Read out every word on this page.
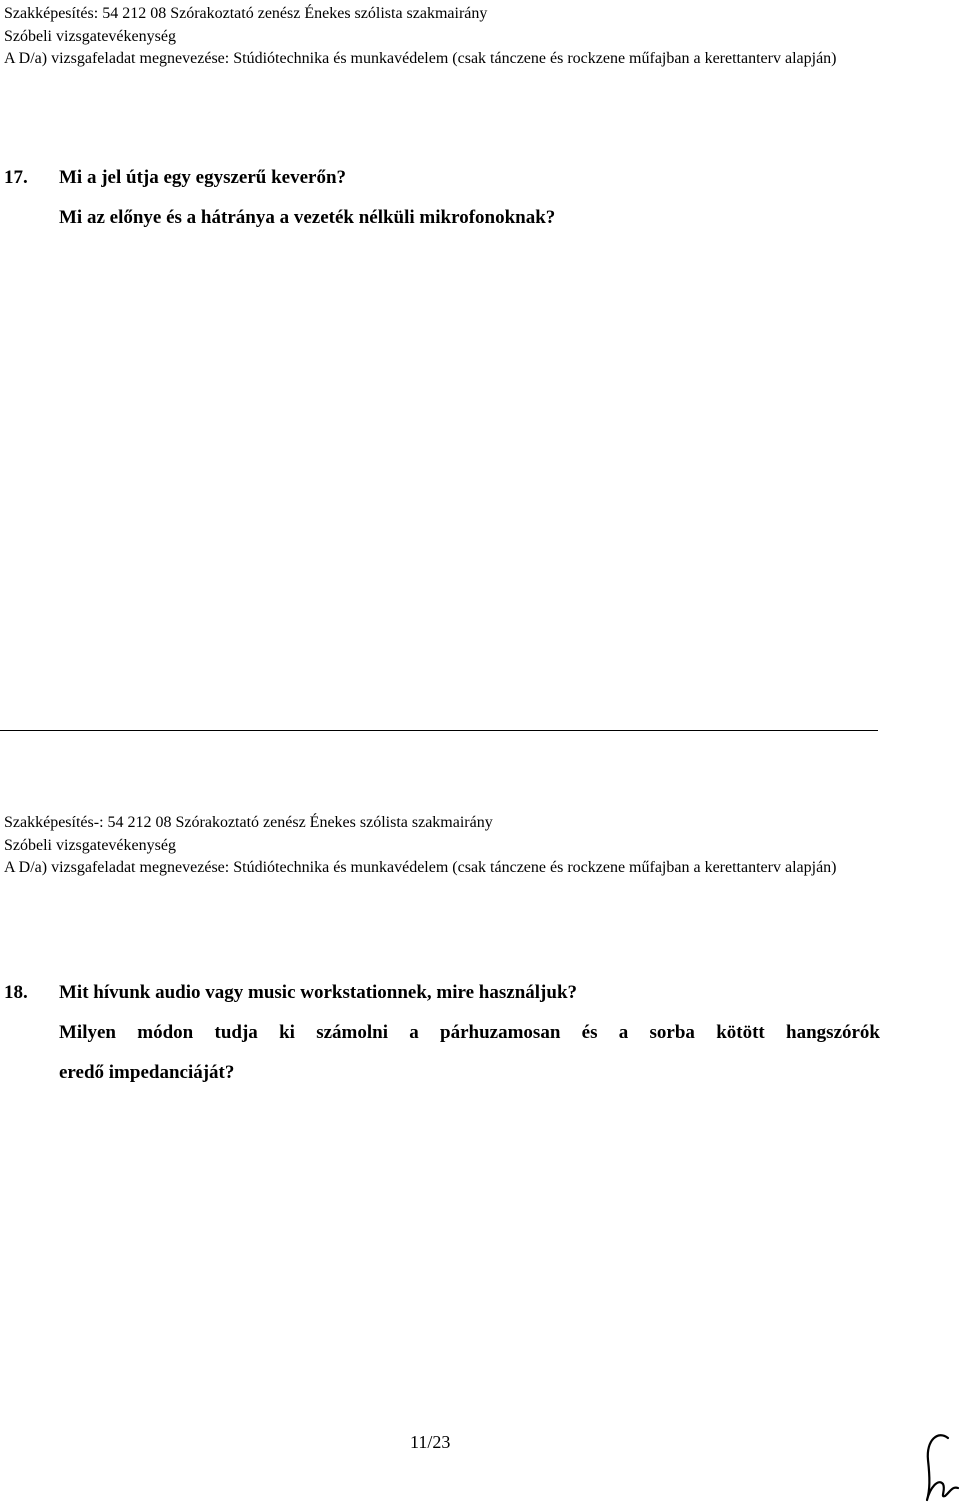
Szakképesítés: 54 212 08 Szórakoztató zenész Énekes szólista szakmairány

Szóbeli vizsgatevékenység

A D/a) vizsgafeladat megnevezése: Stúdiótechnika és munkavédelem (csak tánczene és rockzene műfajban a kerettanterv alapján)

17. Mi a jel útja egy egyszerű keverőn?

Mi az előnye és a hátránya a vezeték nélküli mikrofonoknak?

Szakképesítés-: 54 212 08 Szórakoztató zenész Énekes szólista szakmairány

Szóbeli vizsgatevékenység

A D/a) vizsgafeladat megnevezése: Stúdiótechnika és munkavédelem (csak tánczene és rockzene műfajban a kerettanterv alapján)

18. Mit hívunk audio vagy music workstationnek, mire használjuk?

Milyen módon tudja ki számolni a párhuzamosan és a sorba kötött hangszórók

eredő impedanciáját?

11/23
